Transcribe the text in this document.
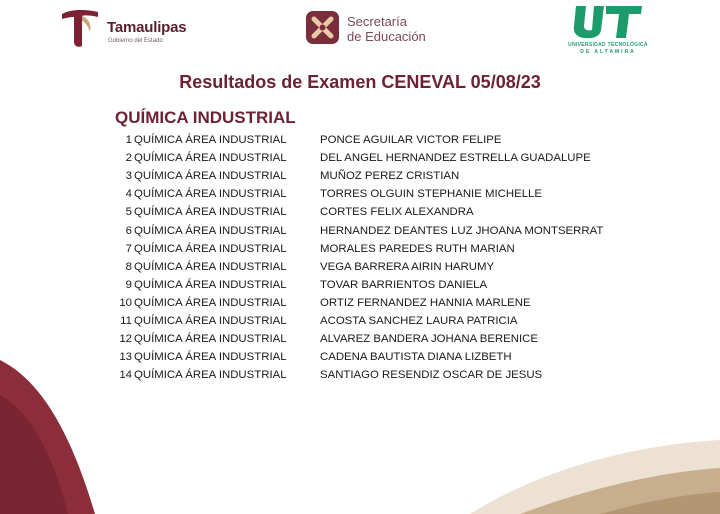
Tamaulipas
Gobierno del Estado
Secretaría
de Educación
UNIVERSIDAD TECNOLÓGICA
DE ALTAMIRA
Resultados de Examen CENEVAL 05/08/23
QUÍMICA INDUSTRIAL
1 QUÍMICA ÁREA INDUSTRIAL	PONCE AGUILAR VICTOR FELIPE
2 QUÍMICA ÁREA INDUSTRIAL	DEL ANGEL HERNANDEZ ESTRELLA GUADALUPE
3 QUÍMICA ÁREA INDUSTRIAL	MUÑOZ PEREZ CRISTIAN
4 QUÍMICA ÁREA INDUSTRIAL	TORRES OLGUIN STEPHANIE MICHELLE
5 QUÍMICA ÁREA INDUSTRIAL	CORTES FELIX ALEXANDRA
6 QUÍMICA ÁREA INDUSTRIAL	HERNANDEZ DEANTES LUZ JHOANA MONTSERRAT
7 QUÍMICA ÁREA INDUSTRIAL	MORALES PAREDES RUTH MARIAN
8 QUÍMICA ÁREA INDUSTRIAL	VEGA BARRERA AIRIN HARUMY
9 QUÍMICA ÁREA INDUSTRIAL	TOVAR BARRIENTOS DANIELA
10 QUÍMICA ÁREA INDUSTRIAL	ORTIZ FERNANDEZ HANNIA MARLENE
11 QUÍMICA ÁREA INDUSTRIAL	ACOSTA SANCHEZ LAURA PATRICIA
12 QUÍMICA ÁREA INDUSTRIAL	ALVAREZ BANDERA JOHANA BERENICE
13 QUÍMICA ÁREA INDUSTRIAL	CADENA BAUTISTA DIANA LIZBETH
14 QUÍMICA ÁREA INDUSTRIAL	SANTIAGO RESENDIZ OSCAR DE JESUS
